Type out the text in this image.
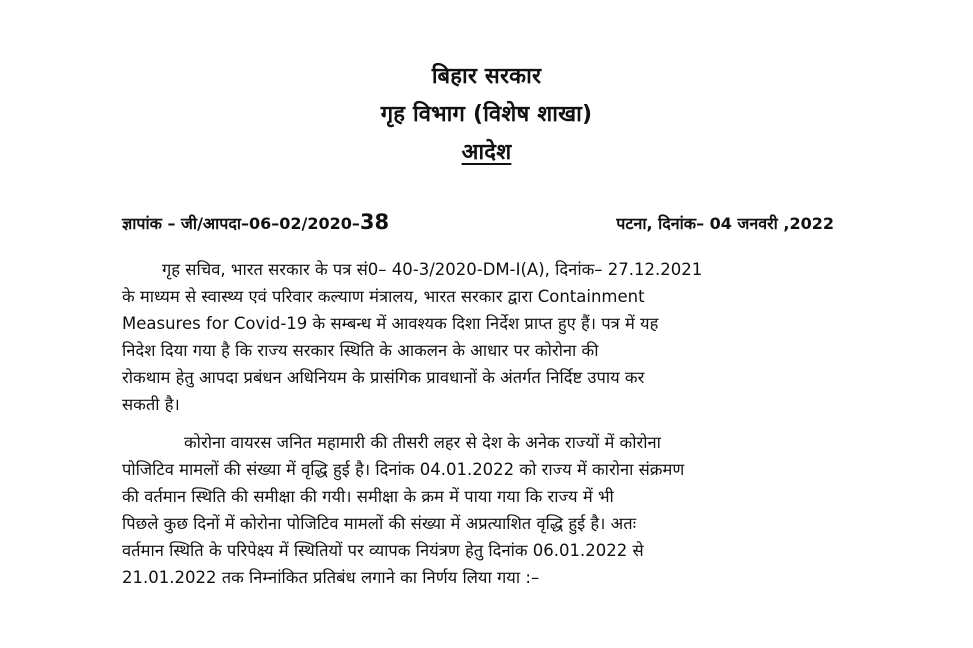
बिहार सरकार
गृह विभाग (विशेष शाखा)
आदेश
ज्ञापांक – जी/आपदा–06–02/2020–38	पटना, दिनांक– 04 जनवरी ,2022
गृह सचिव, भारत सरकार के पत्र सं0– 40-3/2020-DM-I(A), दिनांक– 27.12.2021
के माध्यम से स्वास्थ्य एवं परिवार कल्याण मंत्रालय, भारत सरकार द्वारा Containment
Measures for Covid-19 के सम्बन्ध में आवश्यक दिशा निर्देश प्राप्त हुए हैं। पत्र में यह
निदेश दिया गया है कि राज्य सरकार स्थिति के आकलन के आधार पर कोरोना की
रोकथाम हेतु आपदा प्रबंधन अधिनियम के प्रासंगिक प्रावधानों के अंतर्गत निर्दिष्ट उपाय कर
सकती है।
कोरोना वायरस जनित महामारी की तीसरी लहर से देश के अनेक राज्यों में कोरोना
पोजिटिव मामलों की संख्या में वृद्धि हुई है। दिनांक 04.01.2022 को राज्य में कारोना संक्रमण
की वर्तमान स्थिति की समीक्षा की गयी। समीक्षा के क्रम में पाया गया कि राज्य में भी
पिछले कुछ दिनों में कोरोना पोजिटिव मामलों की संख्या में अप्रत्याशित वृद्धि हुई है। अतः
वर्तमान स्थिति के परिपेक्ष्य में स्थितियों पर व्यापक नियंत्रण हेतु दिनांक 06.01.2022 से
21.01.2022 तक निम्नांकित प्रतिबंध लगाने का निर्णय लिया गया :–
